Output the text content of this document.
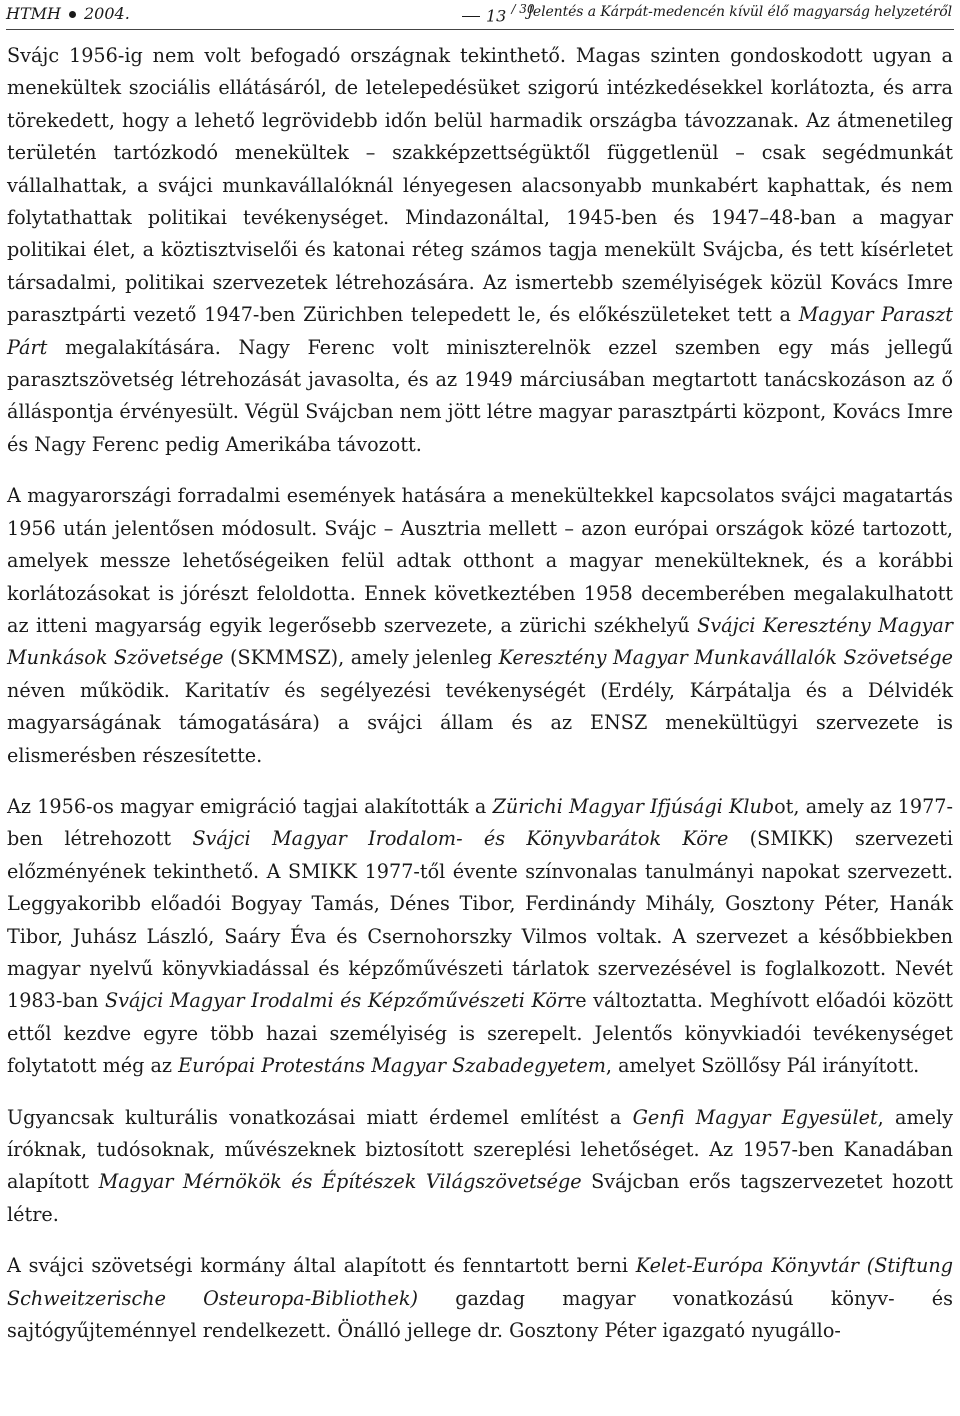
HTMH 2004.	13 $^{/ 30}$
Jelentés a Kárpát-medencén kívül élő magyarság helyzetéről

Svájc 1956-ig nem volt befogadó országnak tekinthető. Magas szinten gondoskodott ugyan a menekültek szociális ellátásáról, de letelepedésüket szigorú intézkedésekkel korlátozta, és arra törekedett, hogy a lehető legrövidebb időn belül harmadik országba távozzanak. Az átmenetileg területén tartózkodó menekültek – szakképzettségüktől függetlenül – csak segédmunkát vállalhattak, a svájci munkavállalóknál lényegesen alacsonyabb munkabért kaphattak, és nem folytathattak politikai tevékenységet. Mindazonáltal, 1945-ben és 1947–48-ban a magyar politikai élet, a köztisztviselői és katonai réteg számos tagja menekült Svájcba, és tett kísérletet társadalmi, politikai szervezetek létrehozására. Az ismertebb személyiségek közül Kovács Imre parasztpárti vezető 1947-ben Zürichben telepedett le, és előkészületeket tett a Magyar Paraszt Párt megalakítására. Nagy Ferenc volt miniszterelnök ezzel szemben egy más jellegű parasztszövetség létrehozását javasolta, és az 1949 márciusában megtartott tanácskozáson az ő álláspontja érvényesült. Végül Svájcban nem jött létre magyar parasztpárti központ, Kovács Imre és Nagy Ferenc pedig Amerikába távozott.

A magyarországi forradalmi események hatására a menekültekkel kapcsolatos svájci magatartás 1956 után jelentősen módosult. Svájc – Ausztria mellett – azon európai országok közé tartozott, amelyek messze lehetőségeiken felül adtak otthont a magyar menekülteknek, és a korábbi korlátozásokat is jórészt feloldotta. Ennek következtében 1958 decemberében megalakulhatott az itteni magyarság egyik legerősebb szervezete, a zürichi székhelyű Svájci Keresztény Magyar Munkások Szövetsége (SKMMSZ), amely jelenleg Keresztény Magyar Munkavállalók Szövetsége néven működik. Karitatív és segélyezési tevékenységét (Erdély, Kárpátalja és a Délvidék magyarságának támogatására) a svájci állam és az ENSZ menekültügyi szervezete is elismerésben részesítette.

Az 1956-os magyar emigráció tagjai alakították a Zürichi Magyar Ifjúsági Klubot, amely az 1977-ben létrehozott Svájci Magyar Irodalom- és Könyvbarátok Köre (SMIKK) szervezeti előzményének tekinthető. A SMIKK 1977-től évente színvonalas tanulmányi napokat szervezett. Leggyakoribb előadói Bogyay Tamás, Dénes Tibor, Ferdinándy Mihály, Gosztony Péter, Hanák Tibor, Juhász László, Saáry Éva és Csernohorszky Vilmos voltak. A szervezet a későbbiekben magyar nyelvű könyvkiadással és képzőművészeti tárlatok szervezésével is foglalkozott. Nevét 1983-ban Svájci Magyar Irodalmi és Képzőművészeti Körre változtatta. Meghívott előadói között ettől kezdve egyre több hazai személyiség is szerepelt. Jelentős könyvkiadói tevékenységet folytatott még az Európai Protestáns Magyar Szabadegyetem, amelyet Szöllősy Pál irányított.

Ugyancsak kulturális vonatkozásai miatt érdemel említést a Genfi Magyar Egyesület, amely íróknak, tudósoknak, művészeknek biztosított szereplési lehetőséget. Az 1957-ben Kanadában alapított Magyar Mérnökök és Építészek Világszövetsége Svájcban erős tagszervezetet hozott létre.

A svájci szövetségi kormány által alapított és fenntartott berni Kelet-Európa Könyvtár (Stiftung Schweitzerische Osteuropa-Bibliothek) gazdag magyar vonatkozású könyv- és sajtógyűjteménnyel rendelkezett. Önálló jellege dr. Gosztony Péter igazgató nyugállo-
